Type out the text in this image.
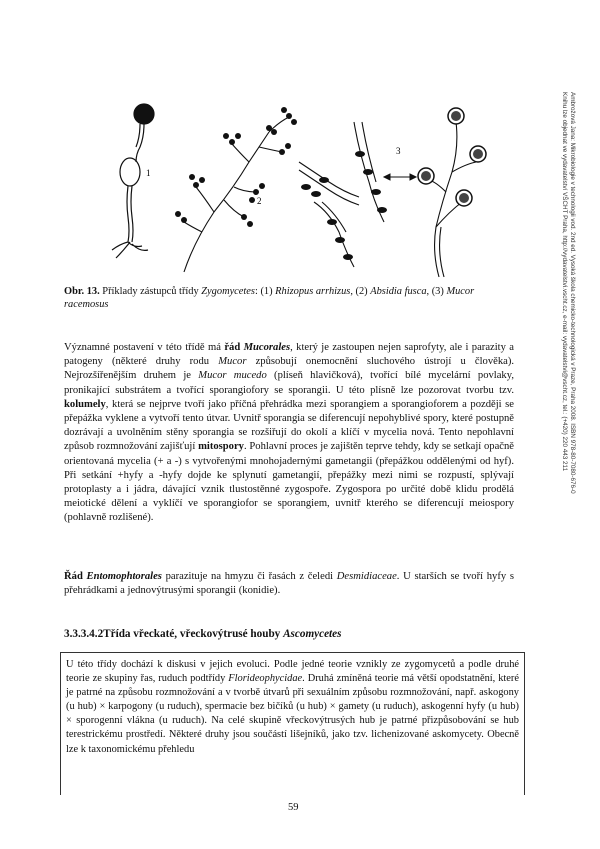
1
2
3
Obr. 13. Příklady zástupců třídy Zygomycetes: (1) Rhizopus arrhizus, (2) Absidia fusca, (3) Mucor racemosus

Významné postavení v této třídě má řád Mucorales, který je zastoupen nejen saprofyty, ale i parazity a patogeny (některé druhy rodu Mucor způsobují onemocnění sluchového ústrojí u člověka). Nejrozšířenějším druhem je Mucor mucedo (plíseň hlavičková), tvořící bílé mycelární povlaky, pronikající substrátem a tvořící sporangiofory se sporangii. U této plísně lze pozorovat tvorbu tzv. kolumely, která se nejprve tvoří jako příčná přehrádka mezi sporangiem a sporangioforem a později se přepážka vyklene a vytvoří tento útvar. Uvnitř sporangia se diferencují nepohyblivé spory, které postupně dozrávají a uvolněním stěny sporangia se rozšiřují do okolí a klíčí v mycelia nová. Tento nepohlavní způsob rozmnožování zajišťují mitospory. Pohlavní proces je zajištěn teprve tehdy, kdy se setkají opačně orientovaná mycelia (+ a -) s vytvořenými mnohojadernými gametangii (přepážkou oddělenými od hyf). Při setkání +hyfy a -hyfy dojde ke splynutí gametangií, přepážky mezi nimi se rozpustí, splývají protoplasty a i jádra, dávající vznik tlustostěnné zygospoře. Zygospora po určité době klidu prodělá meiotické dělení a vyklíčí ve sporangiofor se sporangiem, uvnitř kterého se diferencují meiospory (pohlavně rozlišené).

Řád Entomophtorales parazituje na hmyzu či řasách z čeledi Desmidiaceae. U starších se tvoří hyfy s přehrádkami a jednovýtrusými sporangii (konidie).

3.3.3.4.2Třída vřeckaté, vřeckovýtrusé houby Ascomycetes

U této třídy dochází k diskusi v jejich evoluci. Podle jedné teorie vznikly ze zygomycetů a podle druhé teorie ze skupiny řas, ruduch podtřídy Florideophycidae. Druhá zmíněná teorie má větší opodstatnění, které je patrné na způsobu rozmnožování a v tvorbě útvarů při sexuálním způsobu rozmnožování, např. askogony (u hub) × karpogony (u ruduch), spermacie bez bičíků (u hub) × gamety (u ruduch), askogenní hyfy (u hub) × sporogenní vlákna (u ruduch). Na celé skupině vřeckovýtrusých hub je patrné přizpůsobování se hub terestrickému prostředí. Některé druhy jsou součástí lišejníků, jako tzv. lichenizované askomycety. Obecně lze k taxonomickému přehledu

59
Ambrožová Jana: Mikrobiologie v technologii vod. 2nd ed. Vysoká škola chemicko-technologická v Praze, Praha 2008. ISBN 978-80-7080-676-0
Knihu lze objednat ve vydavatelství VŠCHT Praha, http://vydavatelstvi.vscht.cz, e-mail: vydavatelstvi@vscht.cz, tel.: (+420) 220 443 211
